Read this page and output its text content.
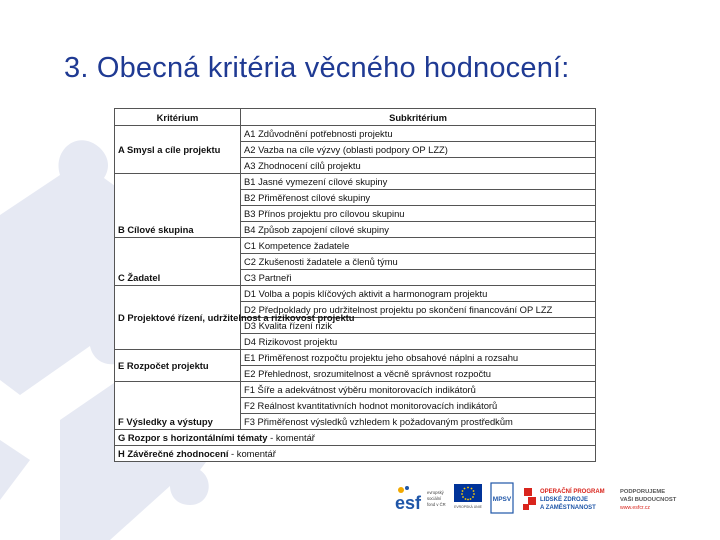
3. Obecná kritéria věcného hodnocení:
Kritérium	Subkritérium
A Smysl a cíle projektu	A1 Zdůvodnění potřebnosti projektu
	A2 Vazba na cíle výzvy (oblasti podpory OP LZZ)
	A3 Zhodnocení cílů projektu
B Cílové skupina	B1 Jasné vymezení cílové skupiny
	B2 Přiměřenost cílové skupiny
	B3 Přínos projektu pro cílovou skupinu
	B4 Způsob zapojení cílové skupiny
C Žadatel	C1 Kompetence žadatele
	C2 Zkušenosti žadatele a členů týmu
	C3 Partneři
D Projektové řízení, udržitelnost a rizikovost projektu	D1 Volba a popis klíčových aktivit a harmonogram projektu
	D2 Předpoklady pro udržitelnost projektu po skončení financování OP LZZ
	D3 Kvalita řízení rizik
	D4 Rizikovost projektu
E Rozpočet projektu	E1 Přiměřenost rozpočtu projektu jeho obsahové náplni a rozsahu
	E2 Přehlednost, srozumitelnost a věcně správnost rozpočtu
F Výsledky a výstupy	F1 Šíře a adekvátnost výběru monitorovacích indikátorů
	F2 Reálnost kvantitativních hodnot monitorovacích indikátorů
	F3 Přiměřenost výsledků vzhledem k požadovaným prostředkům
G Rozpor s horizontálními tématy - komentář	
H Závěrečné zhodnocení - komentář	
esf
evropský
sociální
fond v ČR	EVROPSKÁ UNIE
MPSV
OPERAČNÍ PROGRAM
LIDSKÉ ZDROJE
A ZAMĚSTNANOST
PODPORUJEME
VAŠI BUDOUCNOST
www.esfcr.cz
